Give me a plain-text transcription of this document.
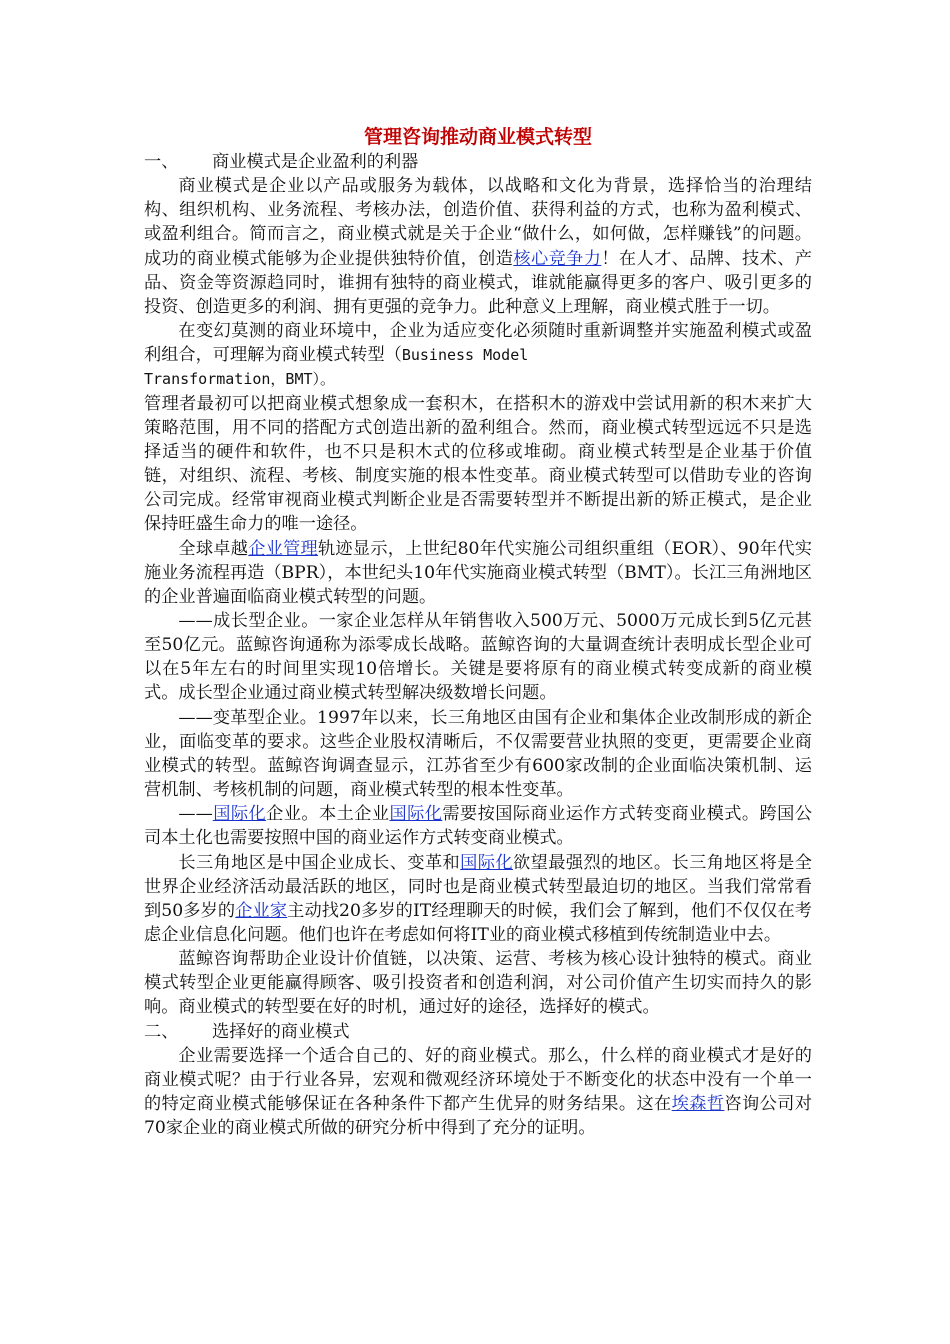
管理咨询推动商业模式转型

一、 商业模式是企业盈利的利器

商业模式是企业以产品或服务为载体，以战略和文化为背景，选择恰当的治理结构、组织机构、业务流程、考核办法，创造价值、获得利益的方式，也称为盈利模式、或盈利组合。简而言之，商业模式就是关于企业“做什么，如何做，怎样赚钱”的问题。成功的商业模式能够为企业提供独特价值，创造核心竞争力！在人才、品牌、技术、产品、资金等资源趋同时，谁拥有独特的商业模式，谁就能赢得更多的客户、吸引更多的投资、创造更多的利润、拥有更强的竞争力。此种意义上理解，商业模式胜于一切。

在变幻莫测的商业环境中，企业为适应变化必须随时重新调整并实施盈利模式或盈利组合，可理解为商业模式转型（Business Model

Transformation，BMT）。

管理者最初可以把商业模式想象成一套积木，在搭积木的游戏中尝试用新的积木来扩大策略范围，用不同的搭配方式创造出新的盈利组合。然而，商业模式转型远远不只是选择适当的硬件和软件，也不只是积木式的位移或堆砌。商业模式转型是企业基于价值链，对组织、流程、考核、制度实施的根本性变革。商业模式转型可以借助专业的咨询公司完成。经常审视商业模式判断企业是否需要转型并不断提出新的矫正模式，是企业保持旺盛生命力的唯一途径。

全球卓越企业管理轨迹显示，上世纪80年代实施公司组织重组（EOR）、90年代实施业务流程再造（BPR），本世纪头10年代实施商业模式转型（BMT）。长江三角洲地区的企业普遍面临商业模式转型的问题。

——成长型企业。一家企业怎样从年销售收入500万元、5000万元成长到5亿元甚至50亿元。蓝鲸咨询通称为添零成长战略。蓝鲸咨询的大量调查统计表明成长型企业可以在5年左右的时间里实现10倍增长。关键是要将原有的商业模式转变成新的商业模式。成长型企业通过商业模式转型解决级数增长问题。

——变革型企业。1997年以来，长三角地区由国有企业和集体企业改制形成的新企业，面临变革的要求。这些企业股权清晰后，不仅需要营业执照的变更，更需要企业商业模式的转型。蓝鲸咨询调查显示，江苏省至少有600家改制的企业面临决策机制、运营机制、考核机制的问题，商业模式转型的根本性变革。

——国际化企业。本土企业国际化需要按国际商业运作方式转变商业模式。跨国公司本土化也需要按照中国的商业运作方式转变商业模式。

长三角地区是中国企业成长、变革和国际化欲望最强烈的地区。长三角地区将是全世界企业经济活动最活跃的地区，同时也是商业模式转型最迫切的地区。当我们常常看到50多岁的企业家主动找20多岁的IT经理聊天的时候，我们会了解到，他们不仅仅在考虑企业信息化问题。他们也许在考虑如何将IT业的商业模式移植到传统制造业中去。

蓝鲸咨询帮助企业设计价值链，以决策、运营、考核为核心设计独特的模式。商业模式转型企业更能赢得顾客、吸引投资者和创造利润，对公司价值产生切实而持久的影响。商业模式的转型要在好的时机，通过好的途径，选择好的模式。

二、 选择好的商业模式

企业需要选择一个适合自己的、好的商业模式。那么，什么样的商业模式才是好的商业模式呢？由于行业各异，宏观和微观经济环境处于不断变化的状态中没有一个单一的特定商业模式能够保证在各种条件下都产生优异的财务结果。这在埃森哲咨询公司对70家企业的商业模式所做的研究分析中得到了充分的证明。
